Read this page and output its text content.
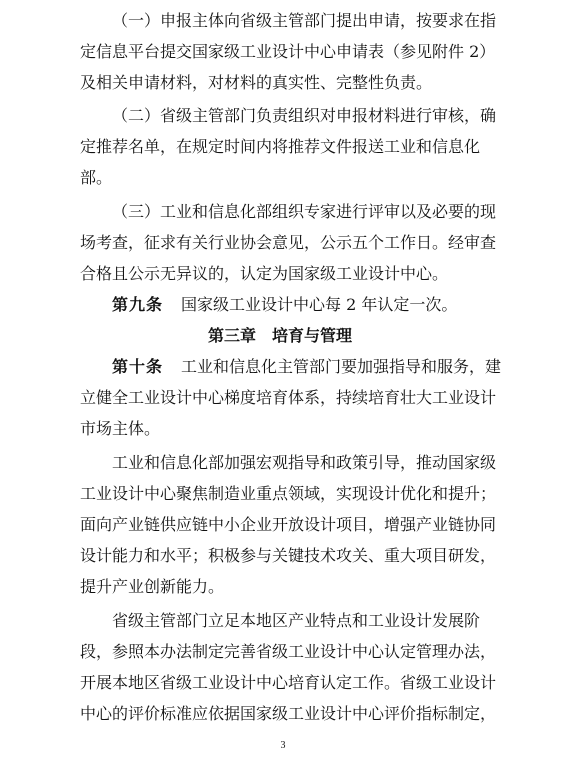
（一）申报主体向省级主管部门提出申请，按要求在指
定信息平台提交国家级工业设计中心申请表（参见附件 2）
及相关申请材料，对材料的真实性、完整性负责。
（二）省级主管部门负责组织对申报材料进行审核，确
定推荐名单，在规定时间内将推荐文件报送工业和信息化
部。
（三）工业和信息化部组织专家进行评审以及必要的现
场考查，征求有关行业协会意见，公示五个工作日。经审查
合格且公示无异议的，认定为国家级工业设计中心。
第九条 国家级工业设计中心每 2 年认定一次。
第三章　培育与管理
第十条 工业和信息化主管部门要加强指导和服务，建
立健全工业设计中心梯度培育体系，持续培育壮大工业设计
市场主体。
工业和信息化部加强宏观指导和政策引导，推动国家级
工业设计中心聚焦制造业重点领域，实现设计优化和提升；
面向产业链供应链中小企业开放设计项目，增强产业链协同
设计能力和水平；积极参与关键技术攻关、重大项目研发，
提升产业创新能力。
省级主管部门立足本地区产业特点和工业设计发展阶
段，参照本办法制定完善省级工业设计中心认定管理办法，
开展本地区省级工业设计中心培育认定工作。省级工业设计
中心的评价标准应依据国家级工业设计中心评价指标制定，
3
